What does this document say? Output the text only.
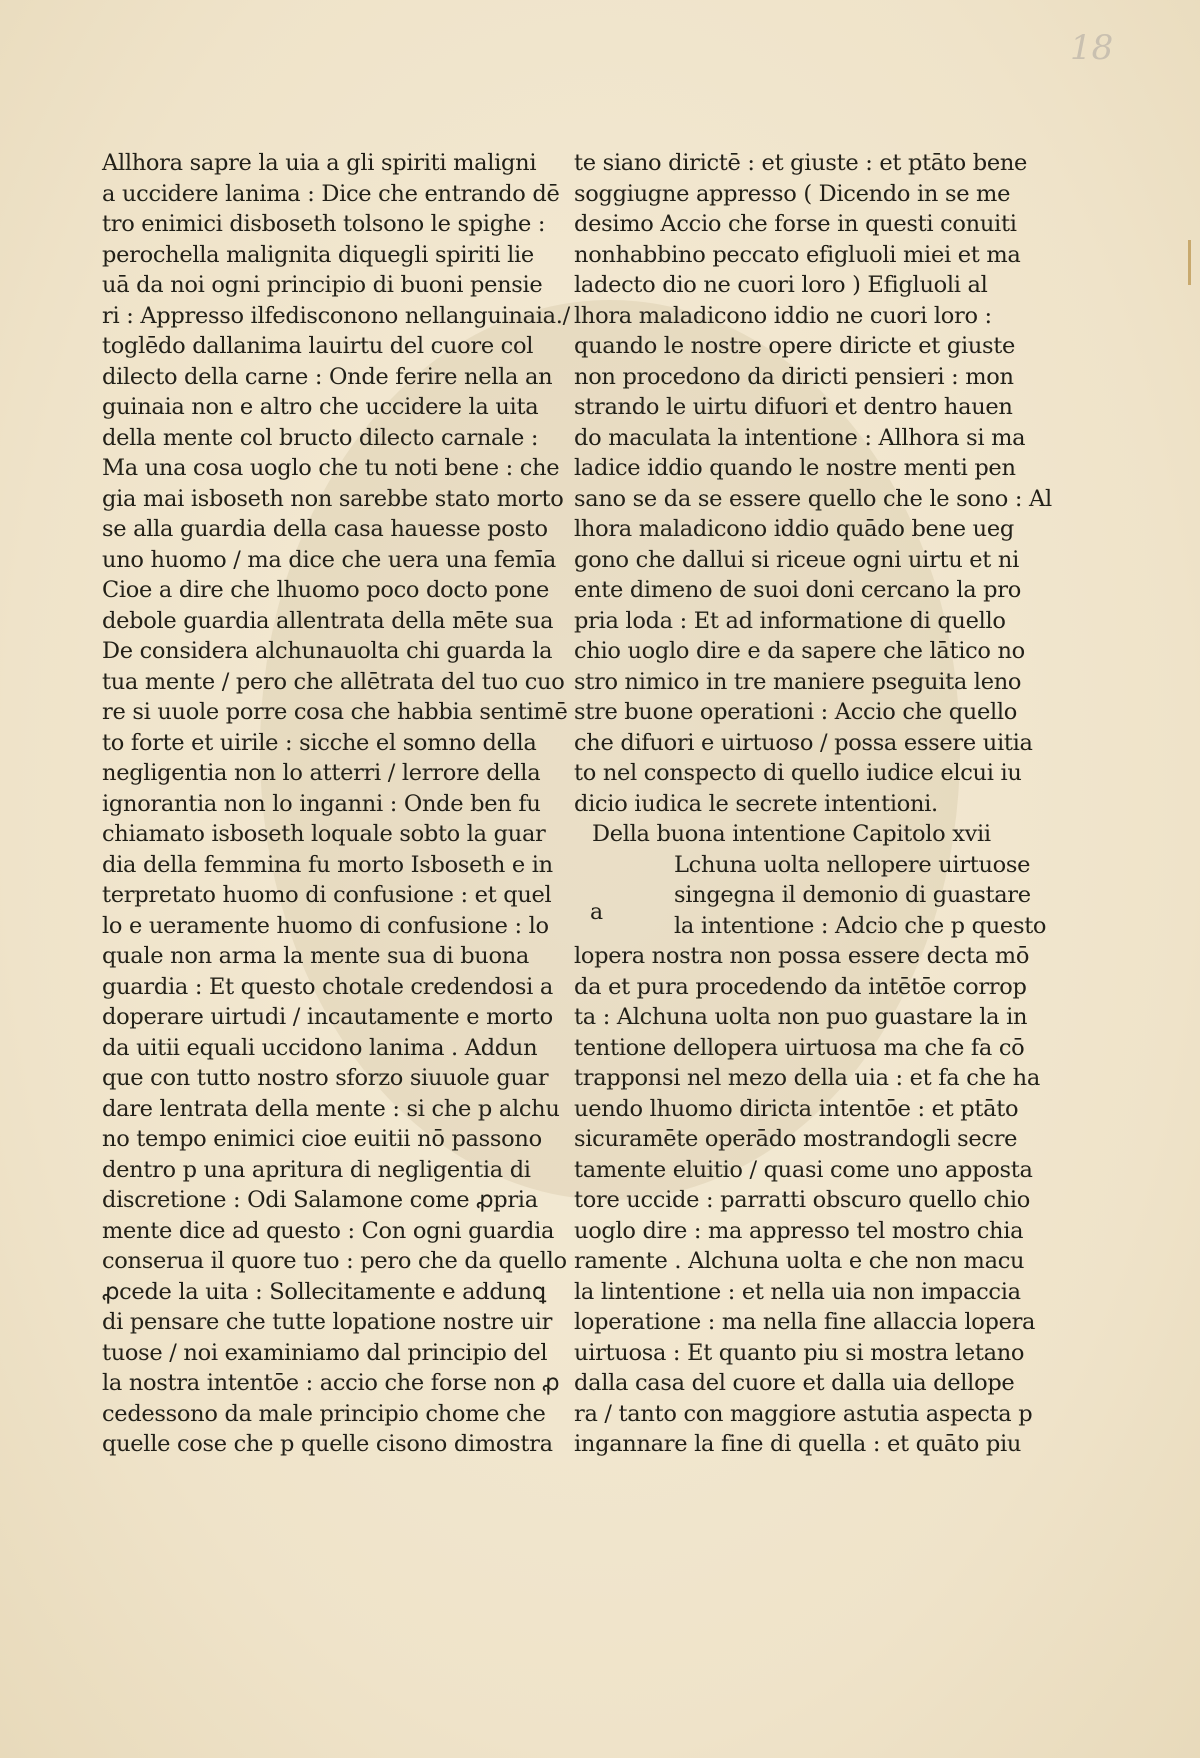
18
Allhora sapre la uia a gli spiriti maligni
a uccidere lanima : Dice che entrando dē
tro enimici disboseth tolsono le spighe :
perochella malignita diquegli spiriti lie
uā da noi ogni principio di buoni pensie
ri : Appresso ilfedisconono nellanguinaia./
toglēdo dallanima lauirtu del cuore col
dilecto della carne : Onde ferire nella an
guinaia non e altro che uccidere la uita
della mente col bructo dilecto carnale :
Ma una cosa uoglo che tu noti bene : che
gia mai isboseth non sarebbe stato morto
se alla guardia della casa hauesse posto
uno huomo / ma dice che uera una femīa
Cioe a dire che lhuomo poco docto pone
debole guardia allentrata della mēte sua
De considera alchunauolta chi guarda la
tua mente / pero che allētrata del tuo cuo
re si uuole porre cosa che habbia sentimē
to forte et uirile : sicche el somno della
negligentia non lo atterri / lerrore della
ignorantia non lo inganni : Onde ben fu
chiamato isboseth loquale sobto la guar
dia della femmina fu morto Isboseth e in
terpretato huomo di confusione : et quel
lo e ueramente huomo di confusione : lo
quale non arma la mente sua di buona
guardia : Et questo chotale credendosi a
doperare uirtudi / incautamente e morto
da uitii equali uccidono lanima . Addun
que con tutto nostro sforzo siuuole guar
dare lentrata della mente : si che p alchu
no tempo enimici cioe euitii nō passono
dentro p una apritura di negligentia di
discretione : Odi Salamone come ꝓpria
mente dice ad questo : Con ogni guardia
conserua il quore tuo : pero che da quello
ꝓcede la uita : Sollecitamente e addunꝗ
di pensare che tutte lopatione nostre uir
tuose / noi examiniamo dal principio del
la nostra intentōe : accio che forse non ꝓ
cedessono da male principio chome che
quelle cose che p quelle cisono dimostra
te siano dirictē : et giuste : et ptāto bene
soggiugne appresso ( Dicendo in se me
desimo Accio che forse in questi conuiti
nonhabbino peccato efigluoli miei et ma
ladecto dio ne cuori loro ) Efigluoli al
lhora maladicono iddio ne cuori loro :
quando le nostre opere diricte et giuste
non procedono da diricti pensieri : mon
strando le uirtu difuori et dentro hauen
do maculata la intentione : Allhora si ma
ladice iddio quando le nostre menti pen
sano se da se essere quello che le sono : Al
lhora maladicono iddio quādo bene ueg
gono che dallui si riceue ogni uirtu et ni
ente dimeno de suoi doni cercano la pro
pria loda : Et ad informatione di quello
chio uoglo dire e da sapere che lātico no
stro nimico in tre maniere pseguita leno
stre buone operationi : Accio che quello
che difuori e uirtuoso / possa essere uitia
to nel conspecto di quello iudice elcui iu
dicio iudica le secrete intentioni.
Della buona intentione Capitolo xvii
Lchuna uolta nellopere uirtuose
singegna il demonio di guastare
la intentione : Adcio che p questo
lopera nostra non possa essere decta mō
da et pura procedendo da intētōe corrop
ta : Alchuna uolta non puo guastare la in
tentione dellopera uirtuosa ma che fa cō
trapponsi nel mezo della uia : et fa che ha
uendo lhuomo diricta intentōe : et ptāto
sicuramēte operādo mostrandogli secre
tamente eluitio / quasi come uno apposta
tore uccide : parratti obscuro quello chio
uoglo dire : ma appresso tel mostro chia
ramente . Alchuna uolta e che non macu
la lintentione : et nella uia non impaccia
loperatione : ma nella fine allaccia lopera
uirtuosa : Et quanto piu si mostra letano
dalla casa del cuore et dalla uia dellope
ra / tanto con maggiore astutia aspecta p
ingannare la fine di quella : et quāto piu
a
